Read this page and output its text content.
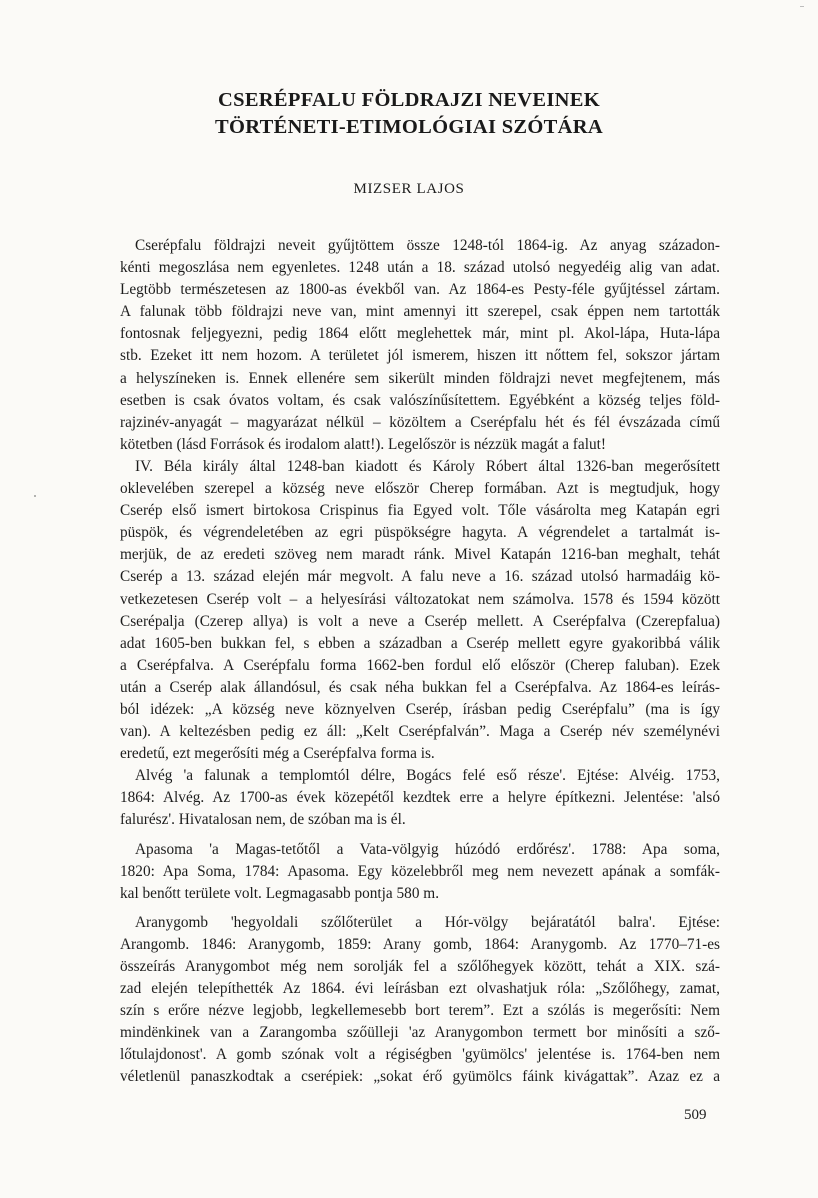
CSERÉPFALU FÖLDRAJZI NEVEINEK
TÖRTÉNETI-ETIMOLÓGIAI SZÓTÁRA
MIZSER LAJOS
Cserépfalu földrajzi neveit gyűjtöttem össze 1248-tól 1864-ig. Az anyag századon-
kénti megoszlása nem egyenletes. 1248 után a 18. század utolsó negyedéig alig van adat.
Legtöbb természetesen az 1800-as évekből van. Az 1864-es Pesty-féle gyűjtéssel zártam.
A falunak több földrajzi neve van, mint amennyi itt szerepel, csak éppen nem tartották
fontosnak feljegyezni, pedig 1864 előtt meglehettek már, mint pl. Akol-lápa, Huta-lápa
stb. Ezeket itt nem hozom. A területet jól ismerem, hiszen itt nőttem fel, sokszor jártam
a helyszíneken is. Ennek ellenére sem sikerült minden földrajzi nevet megfejtenem, más
esetben is csak óvatos voltam, és csak valószínűsítettem. Egyébként a község teljes föld-
rajzinév-anyagát – magyarázat nélkül – közöltem a Cserépfalu hét és fél évszázada című
kötetben (lásd Források és irodalom alatt!). Legelőször is nézzük magát a falut!
IV. Béla király által 1248-ban kiadott és Károly Róbert által 1326-ban megerősített
oklevelében szerepel a község neve először Cherep formában. Azt is megtudjuk, hogy
Cserép első ismert birtokosa Crispinus fia Egyed volt. Tőle vásárolta meg Katapán egri
püspök, és végrendeletében az egri püspökségre hagyta. A végrendelet a tartalmát is-
merjük, de az eredeti szöveg nem maradt ránk. Mivel Katapán 1216-ban meghalt, tehát
Cserép a 13. század elején már megvolt. A falu neve a 16. század utolsó harmadáig kö-
vetkezetesen Cserép volt – a helyesírási változatokat nem számolva. 1578 és 1594 között
Cserépalja (Czerep allya) is volt a neve a Cserép mellett. A Cserépfalva (Czerepfalua)
adat 1605-ben bukkan fel, s ebben a században a Cserép mellett egyre gyakoribbá válik
a Cserépfalva. A Cserépfalu forma 1662-ben fordul elő először (Cherep faluban). Ezek
után a Cserép alak állandósul, és csak néha bukkan fel a Cserépfalva. Az 1864-es leírás-
ból idézek: „A község neve köznyelven Cserép, írásban pedig Cserépfalu” (ma is így
van). A keltezésben pedig ez áll: „Kelt Cserépfalván”. Maga a Cserép név személynévi
eredetű, ezt megerősíti még a Cserépfalva forma is.
Alvég 'a falunak a templomtól délre, Bogács felé eső része'. Ejtése: Alvéig. 1753,
1864: Alvég. Az 1700-as évek közepétől kezdtek erre a helyre építkezni. Jelentése: 'alsó
falurész'. Hivatalosan nem, de szóban ma is él.
Apasoma 'a Magas-tetőtől a Vata-völgyig húzódó erdőrész'. 1788: Apa soma,
1820: Apa Soma, 1784: Apasoma. Egy közelebbről meg nem nevezett apának a somfák-
kal benőtt területe volt. Legmagasabb pontja 580 m.
Aranygomb 'hegyoldali szőlőterület a Hór-völgy bejáratától balra'. Ejtése:
Arangomb. 1846: Aranygomb, 1859: Arany gomb, 1864: Aranygomb. Az 1770–71-es
összeírás Aranygombot még nem sorolják fel a szőlőhegyek között, tehát a XIX. szá-
zad elején telepíthették Az 1864. évi leírásban ezt olvashatjuk róla: „Szőlőhegy, zamat,
szín s erőre nézve legjobb, legkellemesebb bort terem”. Ezt a szólás is megerősíti: Nem
mindënkinek van a Zarangomba szőülleji 'az Aranygombon termett bor minősíti a sző-
lőtulajdonost'. A gomb szónak volt a régiségben 'gyümölcs' jelentése is. 1764-ben nem
véletlenül panaszkodtak a cserépiek: „sokat érő gyümölcs fáink kivágattak”. Azaz ez a
509
